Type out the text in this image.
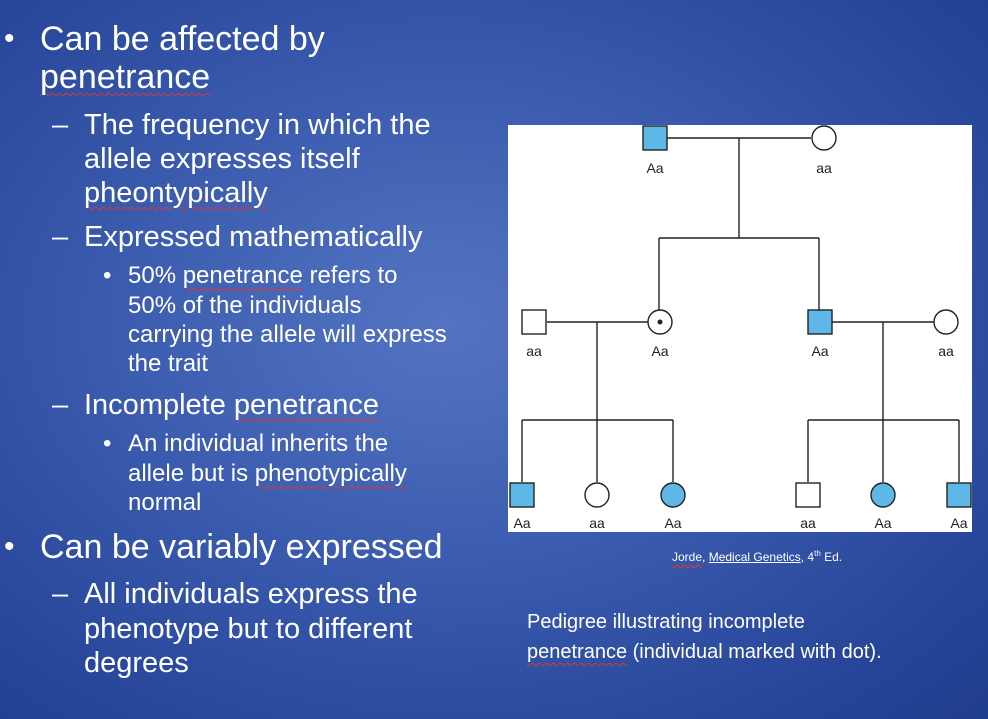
• Can be affected by
penetrance
– The frequency in which the
allele expresses itself
pheontypically
– Expressed mathematically
• 50% penetrance refers to
50% of the individuals
carrying the allele will express
the trait
– Incomplete penetrance
• An individual inherits the
allele but is phenotypically
normal
• Can be variably expressed
– All individuals express the
phenotype but to different
degrees
Aa	aa
aa	Aa	Aa	aa
Aa	aa	Aa	aa	Aa	Aa
Jorde, Medical Genetics, 4th Ed.
Pedigree illustrating incomplete
penetrance (individual marked with dot).
